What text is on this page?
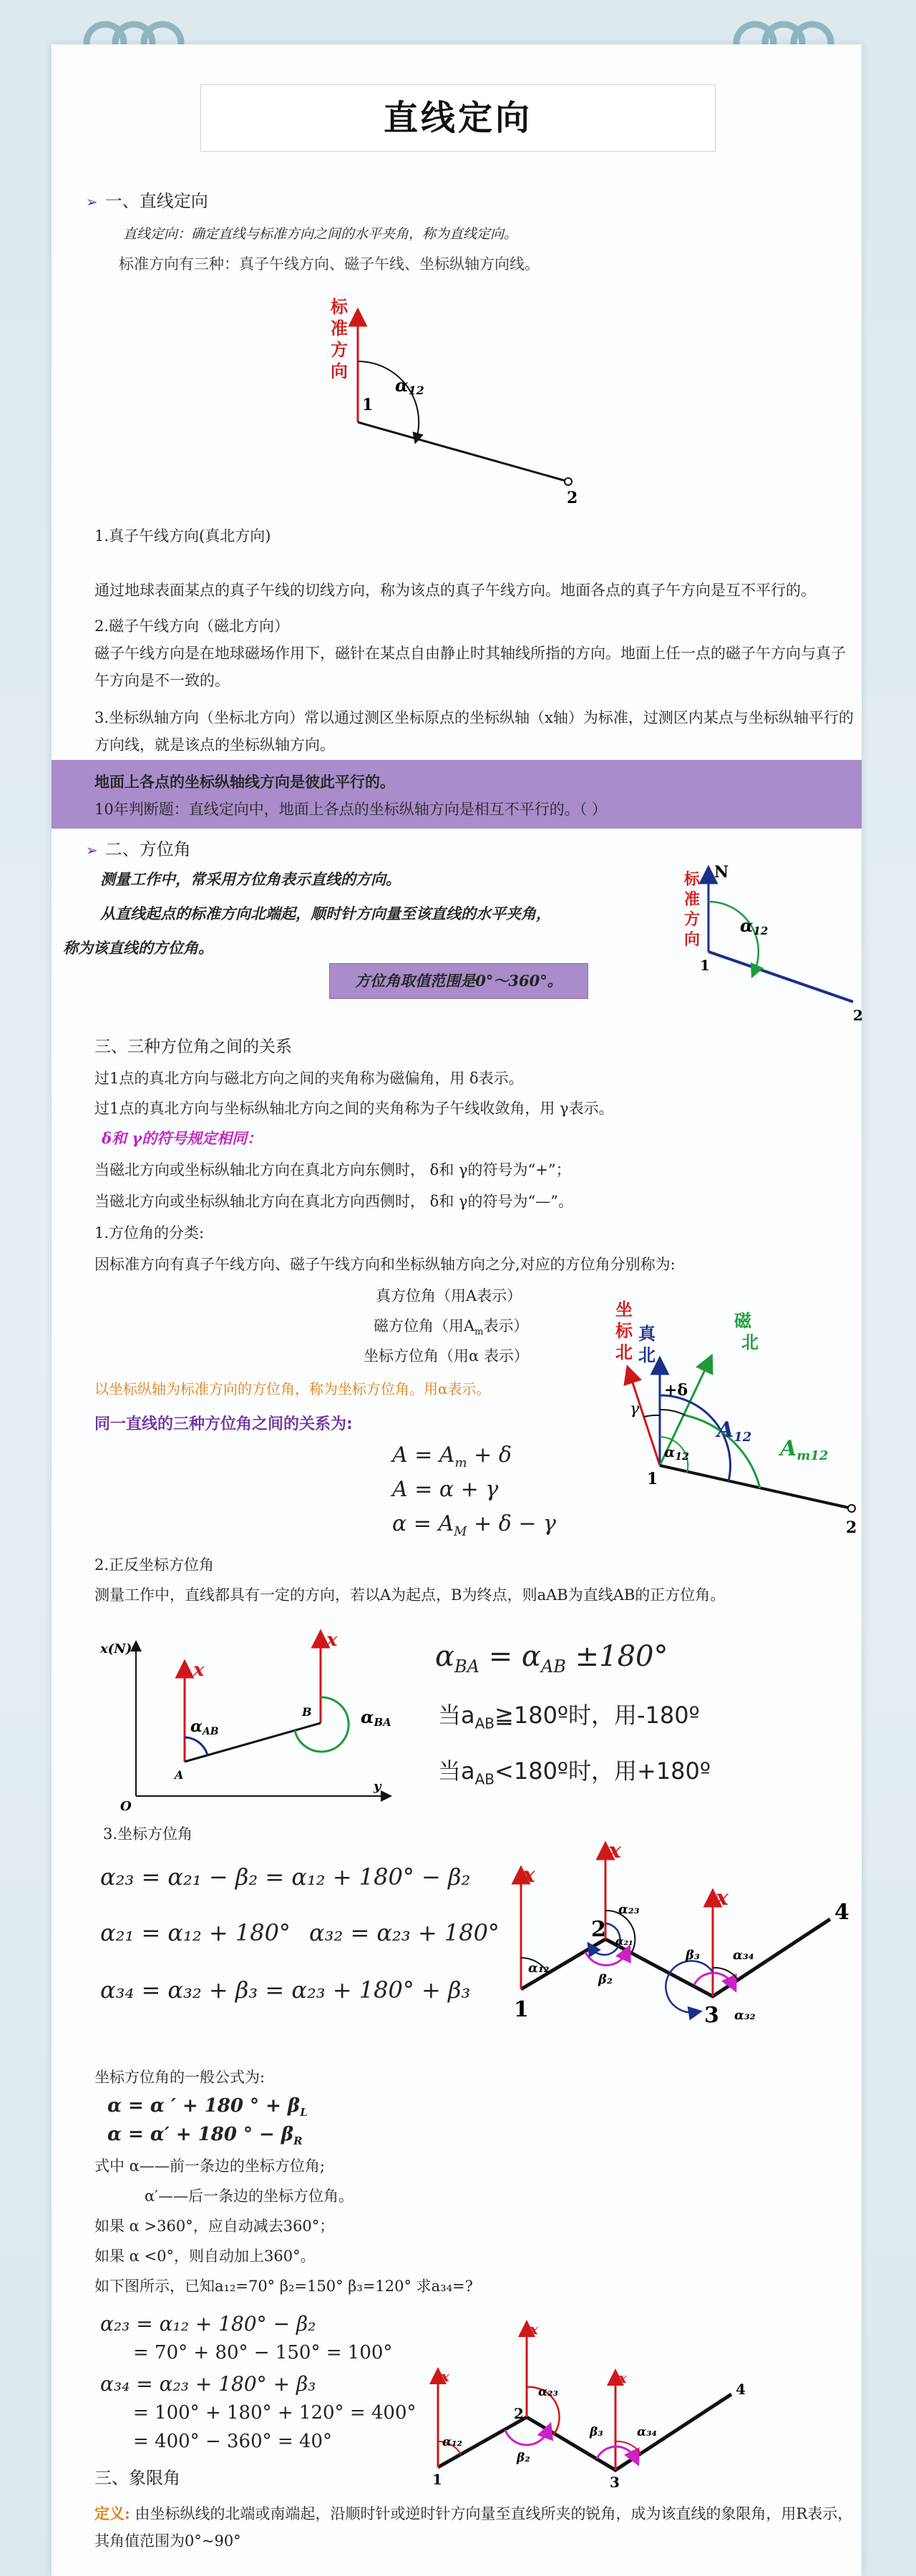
直线定向
➢ 一、直线定向
直线定向：确定直线与标准方向之间的水平夹角，称为直线定向。
标准方向有三种：真子午线方向、磁子午线、坐标纵轴方向线。
标
准
方
向
1
2
α12
1.真子午线方向(真北方向)
通过地球表面某点的真子午线的切线方向，称为该点的真子午线方向。地面各点的真子午方向是互不平行的。
2.磁子午线方向（磁北方向）
磁子午线方向是在地球磁场作用下，磁针在某点自由静止时其轴线所指的方向。地面上任一点的磁子午方向与真子午方向是不一致的。
3.坐标纵轴方向（坐标北方向）常以通过测区坐标原点的坐标纵轴（x轴）为标准，过测区内某点与坐标纵轴平行的方向线，就是该点的坐标纵轴方向。
地面上各点的坐标纵轴线方向是彼此平行的。
10年判断题：直线定向中，地面上各点的坐标纵轴方向是相互不平行的。（ ）
➢ 二、方位角
测量工作中，常采用方位角表示直线的方向。
从直线起点的标准方向北端起，顺时针方向量至该直线的水平夹角，
称为该直线的方位角。
方位角取值范围是0°～360°。
标
准
方
向
N
1
2
α12
三、三种方位角之间的关系
过1点的真北方向与磁北方向之间的夹角称为磁偏角，用 δ表示。
过1点的真北方向与坐标纵轴北方向之间的夹角称为子午线收敛角，用 γ表示。
δ和 γ的符号规定相同：
当磁北方向或坐标纵轴北方向在真北方向东侧时， δ和 γ的符号为“+”；
当磁北方向或坐标纵轴北方向在真北方向西侧时， δ和 γ的符号为“—”。
1.方位角的分类:
因标准方向有真子午线方向、磁子午线方向和坐标纵轴方向之分,对应的方位角分别称为:
真方位角（用A表示）
磁方位角（用$A_m$表示）
坐标方位角（用α 表示）
以坐标纵轴为标准方向的方位角，称为坐标方位角。用α表示。
同一直线的三种方位角之间的关系为:
$A = A_m + \delta$
A = α + γ
$\alpha = A_M + \delta - \gamma$
坐
标
北
真
北
磁
北
γ
+δ
$\alpha_{12}$
$A_{12}$ $A_{m12}$
1
2
2.正反坐标方位角
测量工作中，直线都具有一定的方向，若以A为起点，B为终点，则aAB为直线AB的正方位角。
x(N)
y
O
x
x
A
B
αAB
αBA
$\alpha_{BA} = \alpha_{AB} \pm 180^\circ$
当$a_{AB}≧180º$时，用-180º
当$a_{AB}<180º$时，用+180º
3.坐标方位角
α₂₃ = α₂₁ − β₂ = α₁₂ + 180° − β₂
α₂₁ = α₁₂ + 180° α₃₂ = α₂₃ + 180°
α₃₄ = α₃₂ + β₃ = α₂₃ + 180° + β₃
x
x
x
α₁₂
α₂₃
α₂₁
β₂
β₃	α₃₄
α₃₂
1
2
3
4
坐标方位角的一般公式为:
α = α ′ + 180 ° + $\beta_L$
α = α′ + 180 ° − $\beta_R$
式中 α——前一条边的坐标方位角;
α′——后一条边的坐标方位角。
如果 α >360°，应自动减去360°；
如果 α <0°，则自动加上360°。
如下图所示，已知a₁₂=70° β₂=150° β₃=120° 求a₃₄=?
α₂₃ = α₁₂ + 180° − β₂
= 70° + 80° − 150° = 100°
α₃₄ = α₂₃ + 180° + β₃
= 100° + 180° + 120° = 400°
= 400° − 360° = 40°
x
x
x
α₁₂
α₂₃
β₂
β₃	α₃₄
1
2
3
4
三、象限角
定义: 由坐标纵线的北端或南端起，沿顺时针或逆时针方向量至直线所夹的锐角，成为该直线的象限角，用R表示，其角值范围为0°~90°
